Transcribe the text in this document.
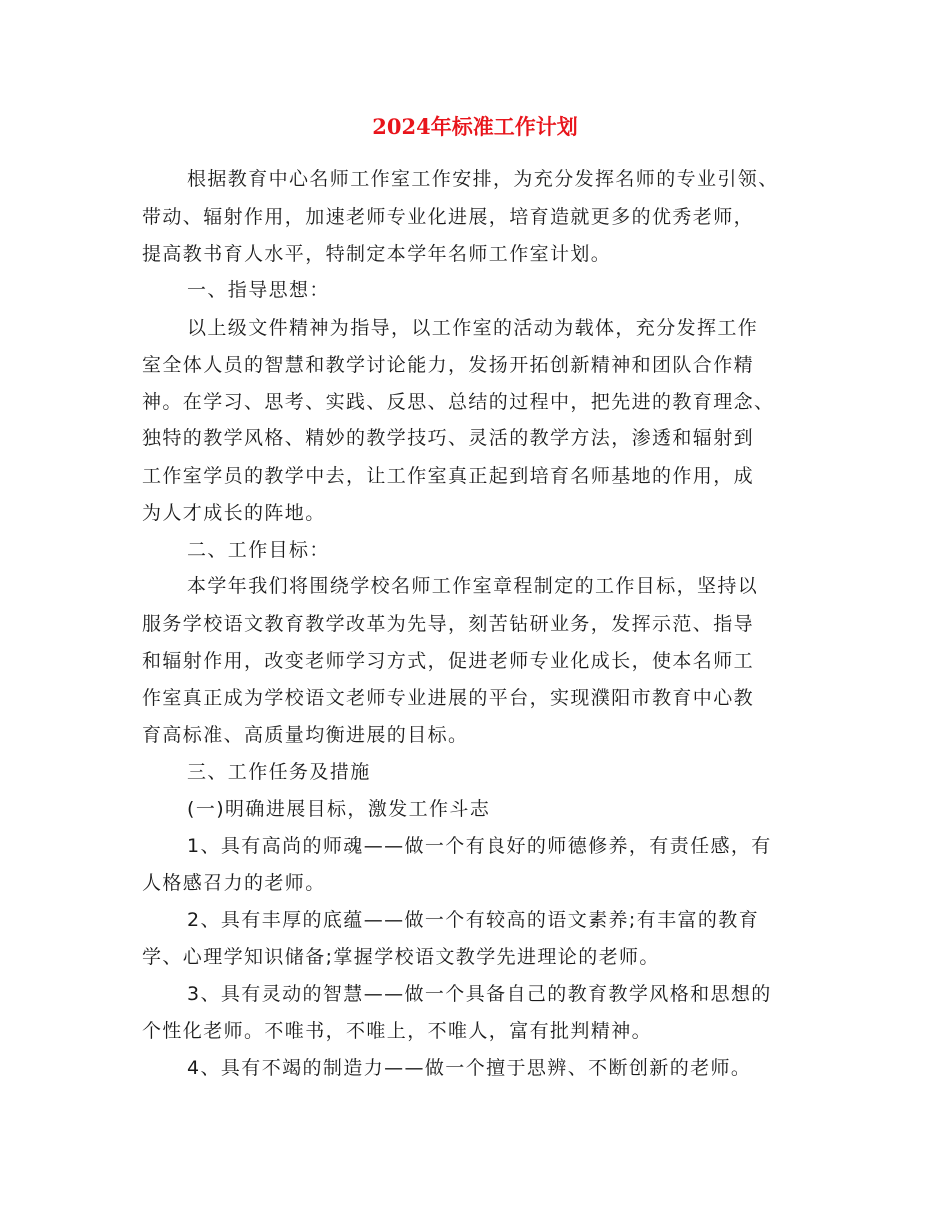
2024年标准工作计划

根据教育中心名师工作室工作安排，为充分发挥名师的专业引领、

带动、辐射作用，加速老师专业化进展，培育造就更多的优秀老师，

提高教书育人水平，特制定本学年名师工作室计划。

一、指导思想：

以上级文件精神为指导，以工作室的活动为载体，充分发挥工作

室全体人员的智慧和教学讨论能力，发扬开拓创新精神和团队合作精

神。在学习、思考、实践、反思、总结的过程中，把先进的教育理念、

独特的教学风格、精妙的教学技巧、灵活的教学方法，渗透和辐射到

工作室学员的教学中去，让工作室真正起到培育名师基地的作用，成

为人才成长的阵地。

二、工作目标：

本学年我们将围绕学校名师工作室章程制定的工作目标，坚持以

服务学校语文教育教学改革为先导，刻苦钻研业务，发挥示范、指导

和辐射作用，改变老师学习方式，促进老师专业化成长，使本名师工

作室真正成为学校语文老师专业进展的平台，实现濮阳市教育中心教

育高标准、高质量均衡进展的目标。

三、工作任务及措施

(一)明确进展目标，激发工作斗志

1、具有高尚的师魂——做一个有良好的师德修养，有责任感，有

人格感召力的老师。

2、具有丰厚的底蕴——做一个有较高的语文素养;有丰富的教育

学、心理学知识储备;掌握学校语文教学先进理论的老师。

3、具有灵动的智慧——做一个具备自己的教育教学风格和思想的

个性化老师。不唯书，不唯上，不唯人，富有批判精神。

4、具有不竭的制造力——做一个擅于思辨、不断创新的老师。
